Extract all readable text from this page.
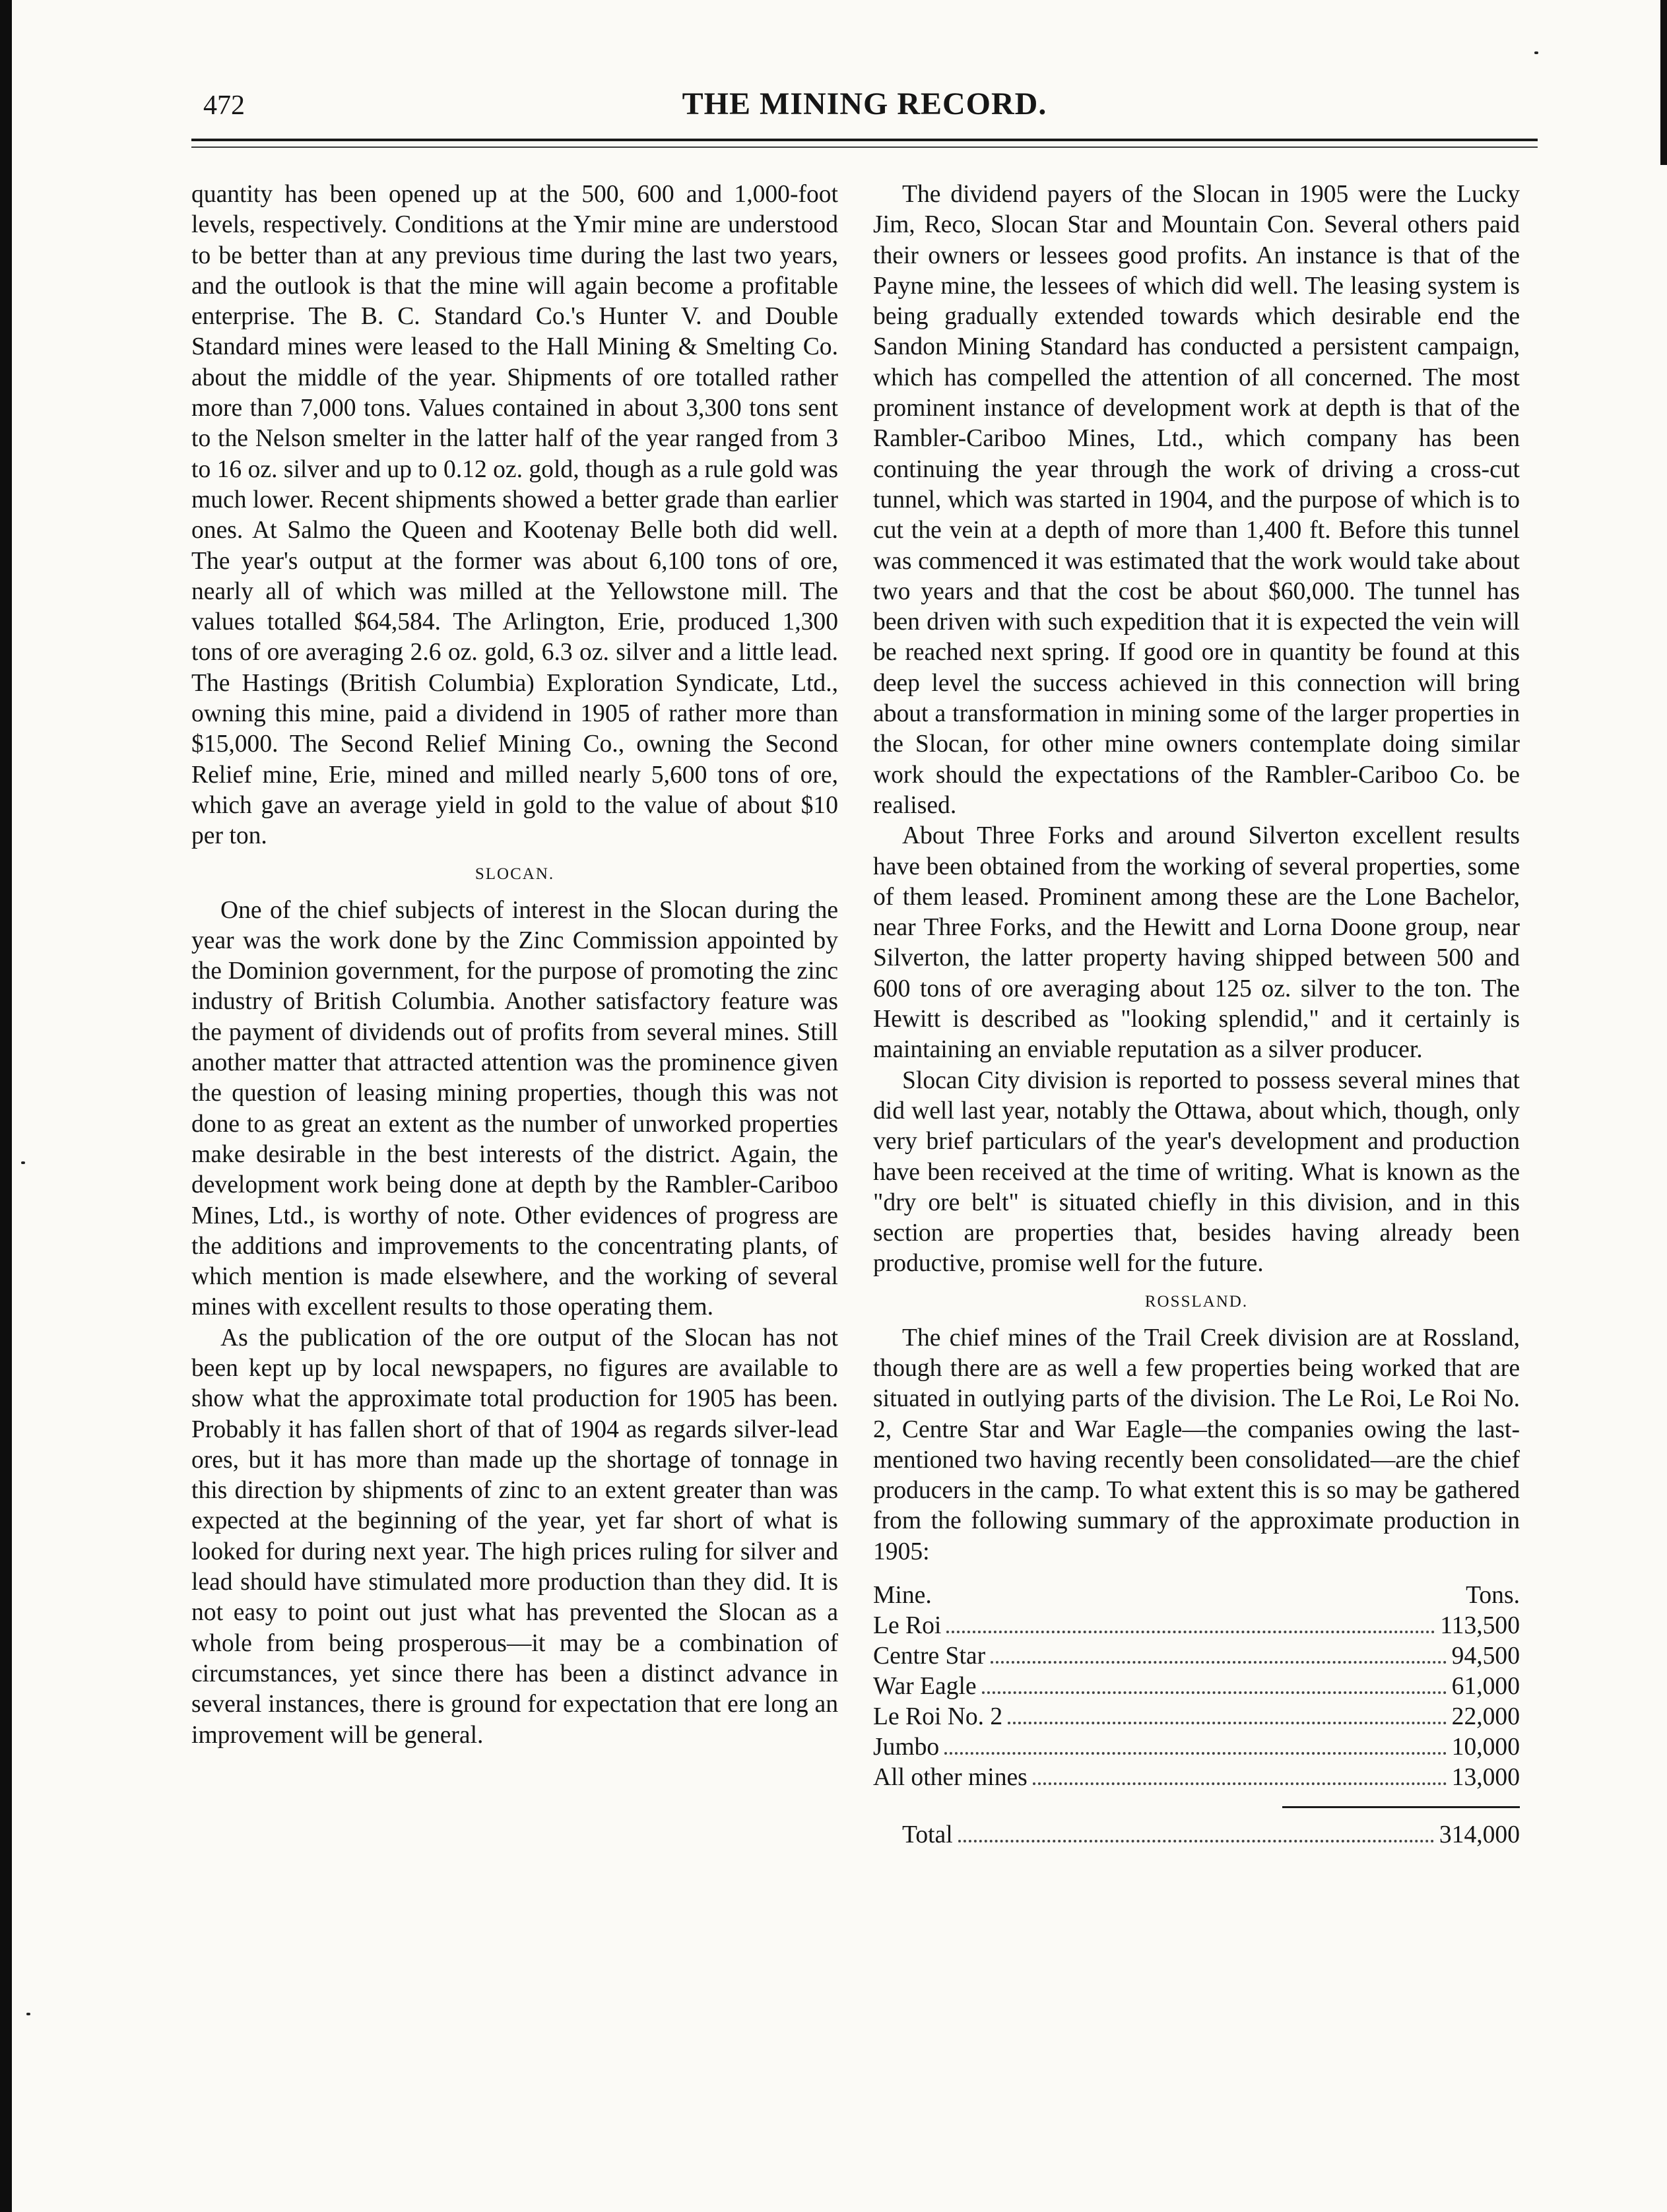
472	THE MINING RECORD.

quantity has been opened up at the 500, 600 and 1,000-foot levels, respectively. Conditions at the Ymir mine are understood to be better than at any previous time during the last two years, and the outlook is that the mine will again become a profitable enterprise. The B. C. Standard Co.'s Hunter V. and Double Standard mines were leased to the Hall Mining & Smelting Co. about the middle of the year. Shipments of ore totalled rather more than 7,000 tons. Values contained in about 3,300 tons sent to the Nelson smelter in the latter half of the year ranged from 3 to 16 oz. silver and up to 0.12 oz. gold, though as a rule gold was much lower. Recent shipments showed a better grade than earlier ones. At Salmo the Queen and Kootenay Belle both did well. The year's output at the former was about 6,100 tons of ore, nearly all of which was milled at the Yellowstone mill. The values totalled $64,584. The Arlington, Erie, produced 1,300 tons of ore averaging 2.6 oz. gold, 6.3 oz. silver and a little lead. The Hastings (British Columbia) Exploration Syndicate, Ltd., owning this mine, paid a dividend in 1905 of rather more than $15,000. The Second Relief Mining Co., owning the Second Relief mine, Erie, mined and milled nearly 5,600 tons of ore, which gave an average yield in gold to the value of about $10 per ton.

SLOCAN.

One of the chief subjects of interest in the Slocan during the year was the work done by the Zinc Commission appointed by the Dominion government, for the purpose of promoting the zinc industry of British Columbia. Another satisfactory feature was the payment of dividends out of profits from several mines. Still another matter that attracted attention was the prominence given the question of leasing mining properties, though this was not done to as great an extent as the number of unworked properties make desirable in the best interests of the district. Again, the development work being done at depth by the Rambler-Cariboo Mines, Ltd., is worthy of note. Other evidences of progress are the additions and improvements to the concentrating plants, of which mention is made elsewhere, and the working of several mines with excellent results to those operating them.

As the publication of the ore output of the Slocan has not been kept up by local newspapers, no figures are available to show what the approximate total production for 1905 has been. Probably it has fallen short of that of 1904 as regards silver-lead ores, but it has more than made up the shortage of tonnage in this direction by shipments of zinc to an extent greater than was expected at the beginning of the year, yet far short of what is looked for during next year. The high prices ruling for silver and lead should have stimulated more production than they did. It is not easy to point out just what has prevented the Slocan as a whole from being prosperous—it may be a combination of circumstances, yet since there has been a distinct advance in several instances, there is ground for expectation that ere long an improvement will be general.

The dividend payers of the Slocan in 1905 were the Lucky Jim, Reco, Slocan Star and Mountain Con. Several others paid their owners or lessees good profits. An instance is that of the Payne mine, the lessees of which did well. The leasing system is being gradually extended towards which desirable end the Sandon Mining Standard has conducted a persistent campaign, which has compelled the attention of all concerned. The most prominent instance of development work at depth is that of the Rambler-Cariboo Mines, Ltd., which company has been continuing the year through the work of driving a cross-cut tunnel, which was started in 1904, and the purpose of which is to cut the vein at a depth of more than 1,400 ft. Before this tunnel was commenced it was estimated that the work would take about two years and that the cost be about $60,000. The tunnel has been driven with such expedition that it is expected the vein will be reached next spring. If good ore in quantity be found at this deep level the success achieved in this connection will bring about a transformation in mining some of the larger properties in the Slocan, for other mine owners contemplate doing similar work should the expectations of the Rambler-Cariboo Co. be realised.

About Three Forks and around Silverton excellent results have been obtained from the working of several properties, some of them leased. Prominent among these are the Lone Bachelor, near Three Forks, and the Hewitt and Lorna Doone group, near Silverton, the latter property having shipped between 500 and 600 tons of ore averaging about 125 oz. silver to the ton. The Hewitt is described as "looking splendid," and it certainly is maintaining an enviable reputation as a silver producer.

Slocan City division is reported to possess several mines that did well last year, notably the Ottawa, about which, though, only very brief particulars of the year's development and production have been received at the time of writing. What is known as the "dry ore belt" is situated chiefly in this division, and in this section are properties that, besides having already been productive, promise well for the future.

ROSSLAND.

The chief mines of the Trail Creek division are at Rossland, though there are as well a few properties being worked that are situated in outlying parts of the division. The Le Roi, Le Roi No. 2, Centre Star and War Eagle—the companies owing the last-mentioned two having recently been consolidated—are the chief producers in the camp. To what extent this is so may be gathered from the following summary of the approximate production in 1905:

Mine.	Tons.
Le Roi	113,500
Centre Star	94,500
War Eagle	61,000
Le Roi No. 2	22,000
Jumbo	10,000
All other mines	13,000
Total	314,000
